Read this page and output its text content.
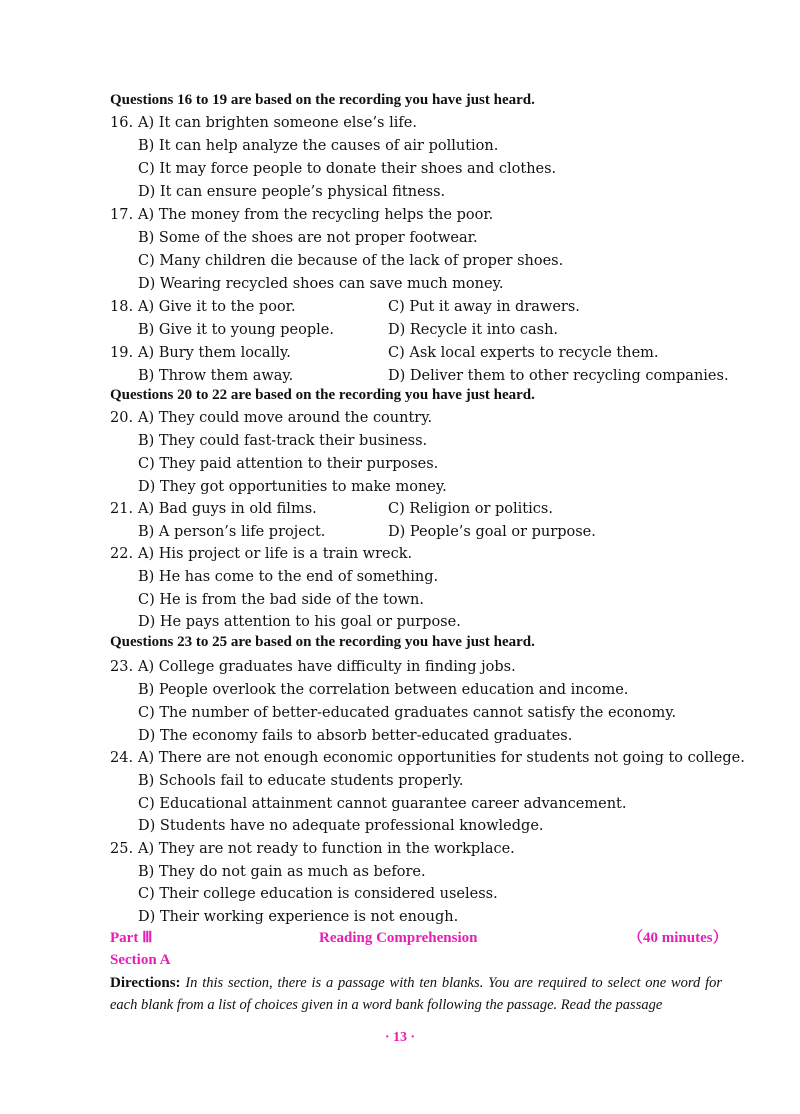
Questions 16 to 19 are based on the recording you have just heard.
16. A) It can brighten someone else’s life.
B) It can help analyze the causes of air pollution.
C) It may force people to donate their shoes and clothes.
D) It can ensure people’s physical fitness.
17. A) The money from the recycling helps the poor.
B) Some of the shoes are not proper footwear.
C) Many children die because of the lack of proper shoes.
D) Wearing recycled shoes can save much money.
18. A) Give it to the poor.	C) Put it away in drawers.
B) Give it to young people.	D) Recycle it into cash.
19. A) Bury them locally.	C) Ask local experts to recycle them.
B) Throw them away.	D) Deliver them to other recycling companies.
Questions 20 to 22 are based on the recording you have just heard.
20. A) They could move around the country.
B) They could fast-track their business.
C) They paid attention to their purposes.
D) They got opportunities to make money.
21. A) Bad guys in old films.	C) Religion or politics.
B) A person’s life project.	D) People’s goal or purpose.
22. A) His project or life is a train wreck.
B) He has come to the end of something.
C) He is from the bad side of the town.
D) He pays attention to his goal or purpose.
Questions 23 to 25 are based on the recording you have just heard.
23. A) College graduates have difficulty in finding jobs.
B) People overlook the correlation between education and income.
C) The number of better-educated graduates cannot satisfy the economy.
D) The economy fails to absorb better-educated graduates.
24. A) There are not enough economic opportunities for students not going to college.
B) Schools fail to educate students properly.
C) Educational attainment cannot guarantee career advancement.
D) Students have no adequate professional knowledge.
25. A) They are not ready to function in the workplace.
B) They do not gain as much as before.
C) Their college education is considered useless.
D) Their working experience is not enough.
Part Ⅲ	Reading Comprehension	（40 minutes）
Section A
Directions: In this section, there is a passage with ten blanks. You are required to select one word for each blank from a list of choices given in a word bank following the passage. Read the passage
· 13 ·
